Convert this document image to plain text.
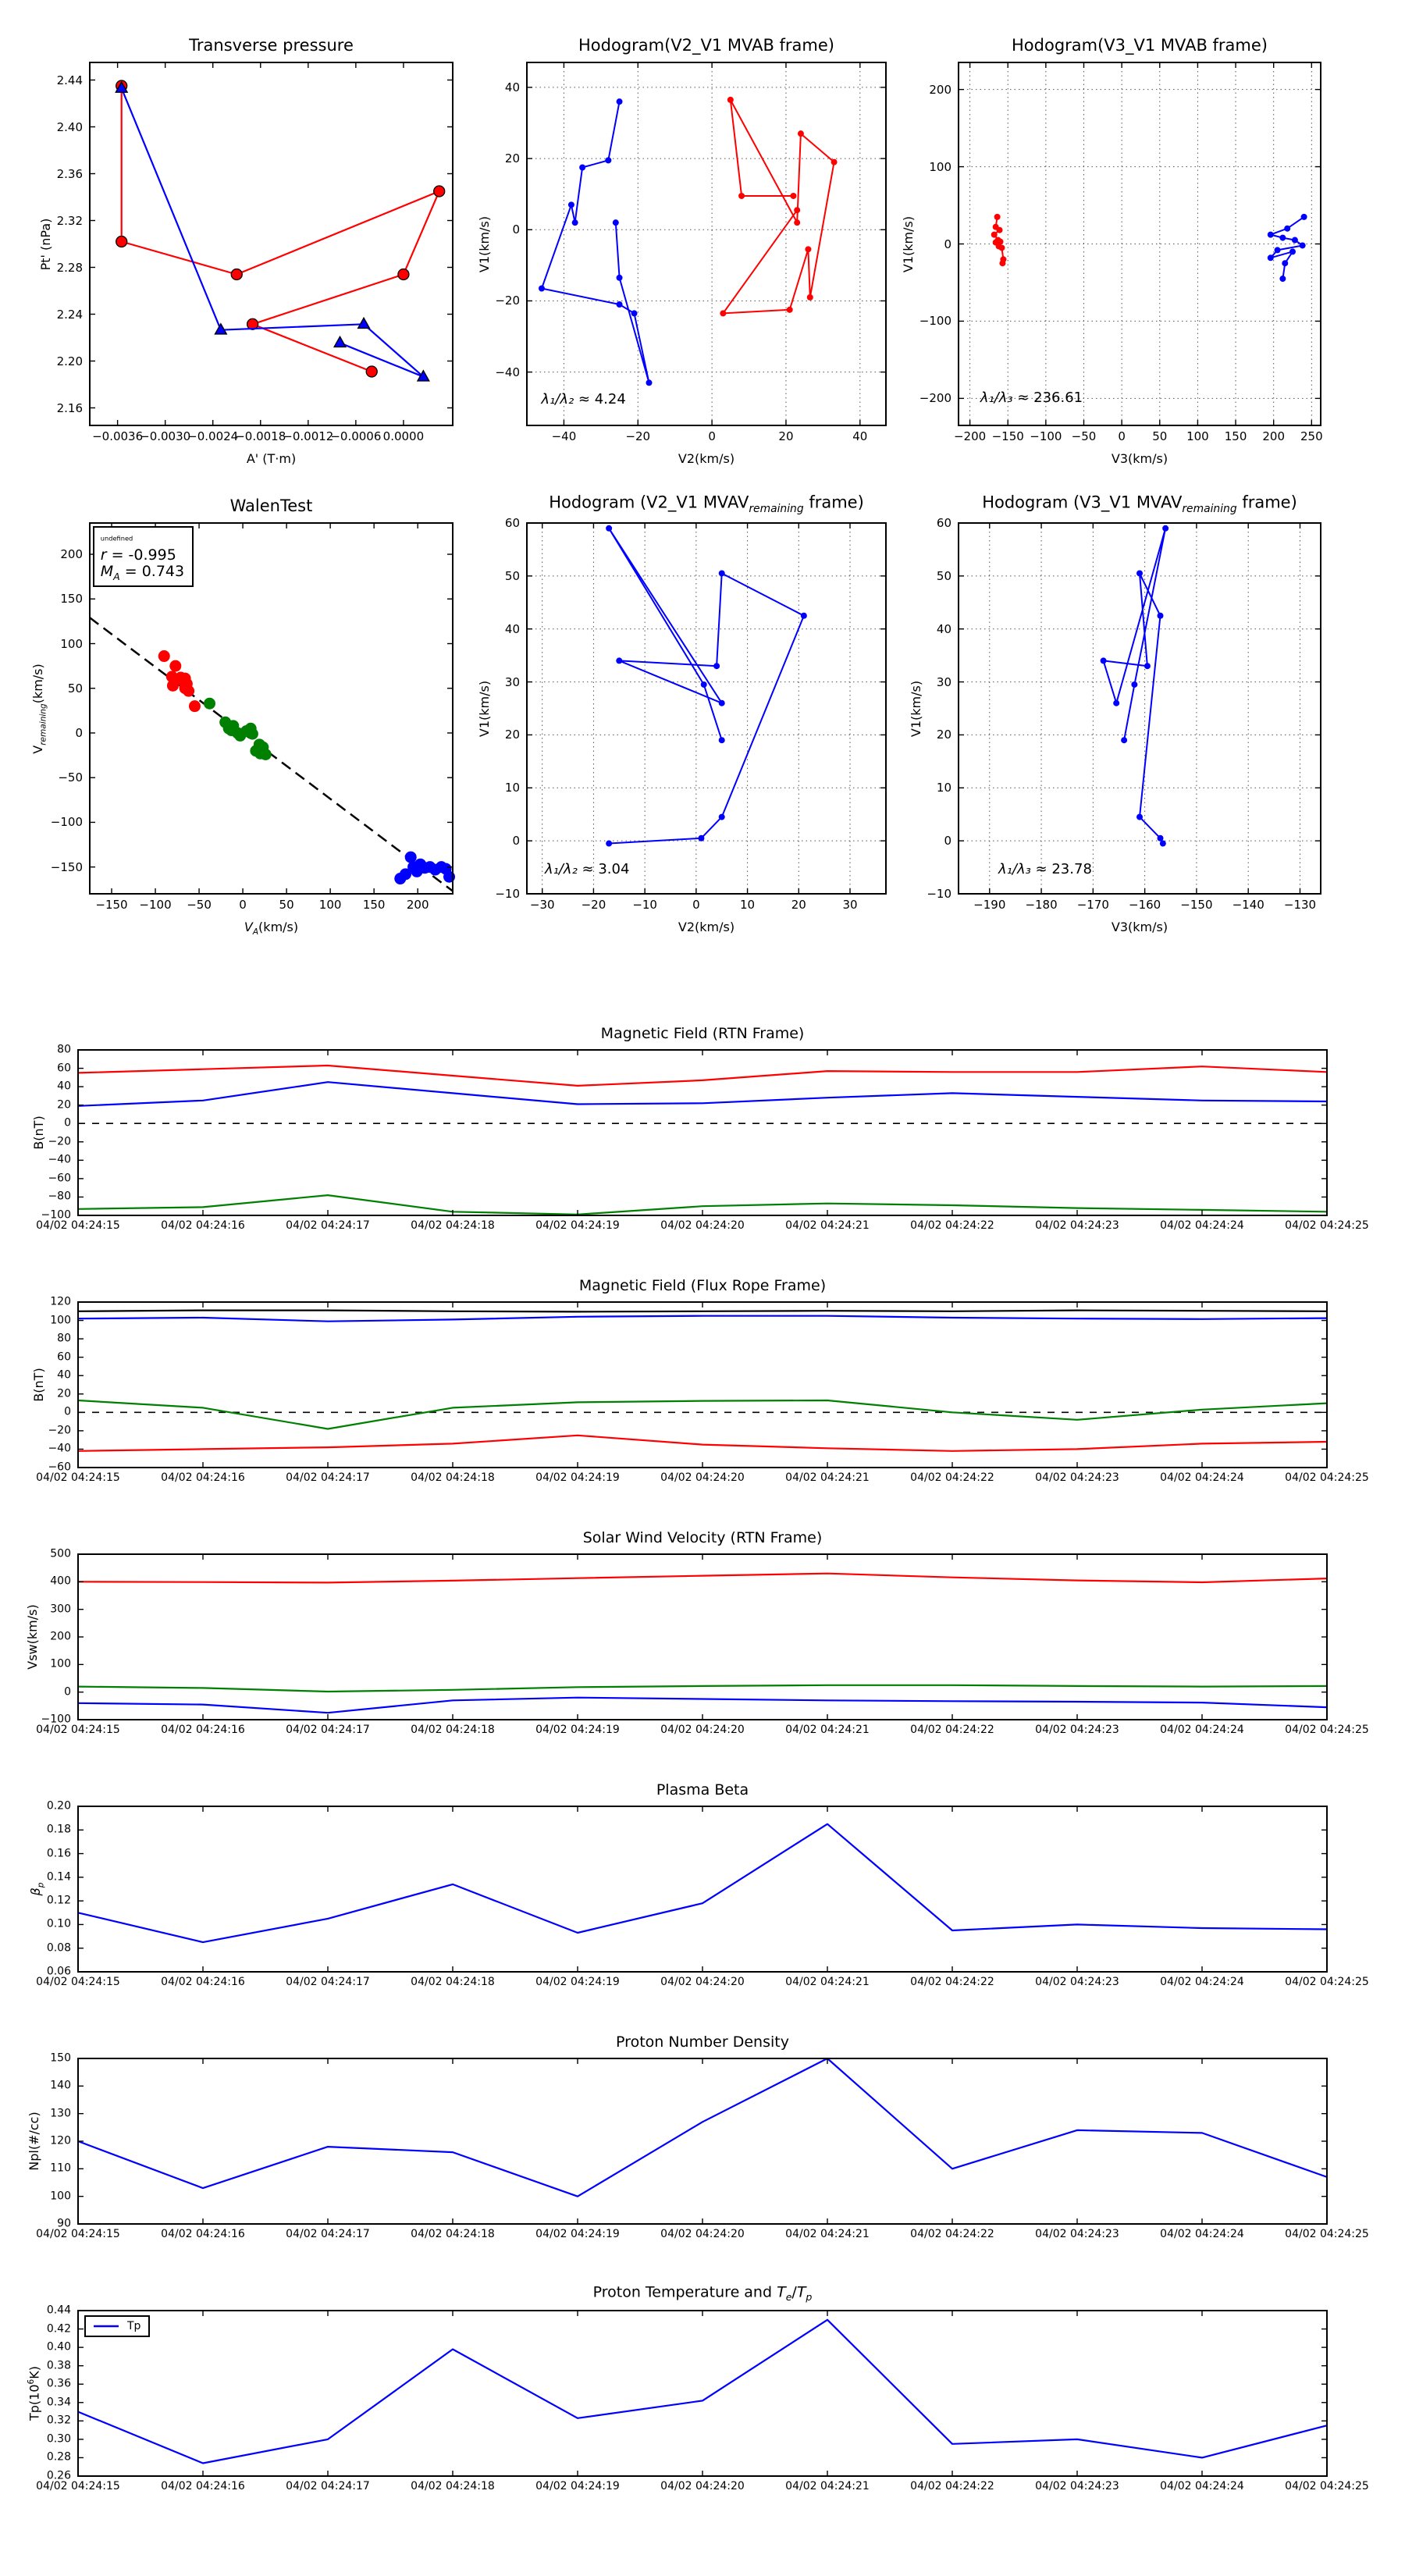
Transverse pressure
−0.0036
−0.0030
−0.0024
−0.0018
−0.0012
−0.0006 0.0000
2.16
2.20
2.24
2.28
2.32
2.36
2.40
2.44
A' (T·m)
Pt' (nPa)
Hodogram(V2_V1 MVAB frame)
−40	−20	0	20	40
−40
−20
0
20
40
V2(km/s)
V1(km/s)
λ₁/λ₂ ≈ 4.24
Hodogram(V3_V1 MVAB frame)
−200 −150 −100 −50 0 50 100 150 200 250
−200
−100
0
100
200
V3(km/s)
V1(km/s)
λ₁/λ₃ ≈ 236.61
WalenTest
−150 −100 −50 0	50 100 150 200
−150
−100
−50
0
50
100
150
200
$V_A(km/s)$
$V_{remaining}(km/s)$
$^{_{undefined}}$
r = -0.995
$M_A = 0.743$
Hodogram (V2_V1 $MVAV_{remaining}$ frame)
−30 −20 −10	0	10	20	30
−10
0
10
20
30
40
50
60
V2(km/s)
V1(km/s)
λ₁/λ₂ ≈ 3.04
Hodogram (V3_V1 $MVAV_{remaining}$ frame)
−190 −180 −170 −160 −150 −140 −130
−10
0
10
20
30
40
50
60
V3(km/s)
V1(km/s)
λ₁/λ₃ ≈ 23.78
Magnetic Field (RTN Frame)
04/02 04:24:15	04/02 04:24:16	04/02 04:24:17	04/02 04:24:18	04/02 04:24:19	04/02 04:24:20	04/02 04:24:21	04/02 04:24:22	04/02 04:24:23	04/02 04:24:24	04/02 04:24:25
80
60
40
20
0
−20
−40
−60
−80
−100
B(nT)
Magnetic Field (Flux Rope Frame)
04/02 04:24:15	04/02 04:24:16	04/02 04:24:17	04/02 04:24:18	04/02 04:24:19	04/02 04:24:20	04/02 04:24:21	04/02 04:24:22	04/02 04:24:23	04/02 04:24:24	04/02 04:24:25
120
100
80
60
40
20
0
−20
−40
−60
B(nT)
Solar Wind Velocity (RTN Frame)
04/02 04:24:15	04/02 04:24:16	04/02 04:24:17	04/02 04:24:18	04/02 04:24:19	04/02 04:24:20	04/02 04:24:21	04/02 04:24:22	04/02 04:24:23	04/02 04:24:24	04/02 04:24:25
500
400
300
200
100
0
−100
Vsw(km/s)
Plasma Beta
04/02 04:24:15	04/02 04:24:16	04/02 04:24:17	04/02 04:24:18	04/02 04:24:19	04/02 04:24:20	04/02 04:24:21	04/02 04:24:22	04/02 04:24:23	04/02 04:24:24	04/02 04:24:25
0.20
0.18
0.16
0.14
0.12
0.10
0.08
0.06
$\beta_p$
Proton Number Density
04/02 04:24:15	04/02 04:24:16	04/02 04:24:17	04/02 04:24:18	04/02 04:24:19	04/02 04:24:20	04/02 04:24:21	04/02 04:24:22	04/02 04:24:23	04/02 04:24:24	04/02 04:24:25
150
140
130
120
110
100
90
Npl(#/cc)
Proton Temperature and $T_e/T_p$
04/02 04:24:15	04/02 04:24:16	04/02 04:24:17	04/02 04:24:18	04/02 04:24:19	04/02 04:24:20	04/02 04:24:21	04/02 04:24:22	04/02 04:24:23	04/02 04:24:24	04/02 04:24:25
0.44
0.42
0.40
0.38
0.36
0.34
0.32
0.30
0.28
0.26
$Tp(10^6K)$
Tp
